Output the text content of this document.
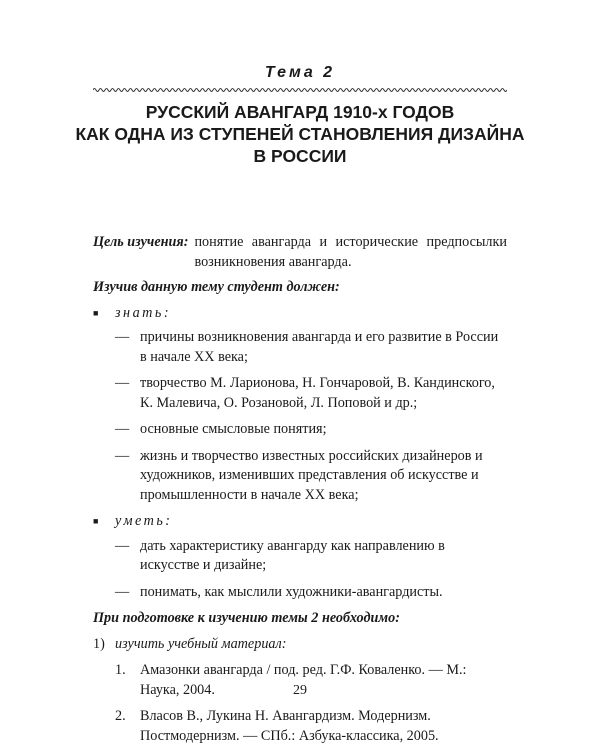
Тема 2
РУССКИЙ АВАНГАРД 1910-х ГОДОВ
КАК ОДНА ИЗ СТУПЕНЕЙ СТАНОВЛЕНИЯ ДИЗАЙНА
В РОССИИ
Цель изучения: понятие авангарда и исторические предпосылки возникновения авангарда.
Изучив данную тему студент должен:
■	знать:
— причины возникновения авангарда и его развитие в России в начале XX века;
— творчество М. Ларионова, Н. Гончаровой, В. Кандинского, К. Малевича, О. Розановой, Л. Поповой и др.;
— основные смысловые понятия;
— жизнь и творчество известных российских дизайнеров и художников, изменивших представления об искусстве и промышленности в начале XX века;
■	уметь:
— дать характеристику авангарду как направлению в искусстве и дизайне;
— понимать, как мыслили художники-авангардисты.
При подготовке к изучению темы 2 необходимо:
1) изучить учебный материал:
1.	Амазонки авангарда / под. ред. Г.Ф. Коваленко. — М.: Наука, 2004.
2.	Власов В., Лукина Н. Авангардизм. Модернизм. Постмодернизм. — СПб.: Азбука-классика, 2005.
29
